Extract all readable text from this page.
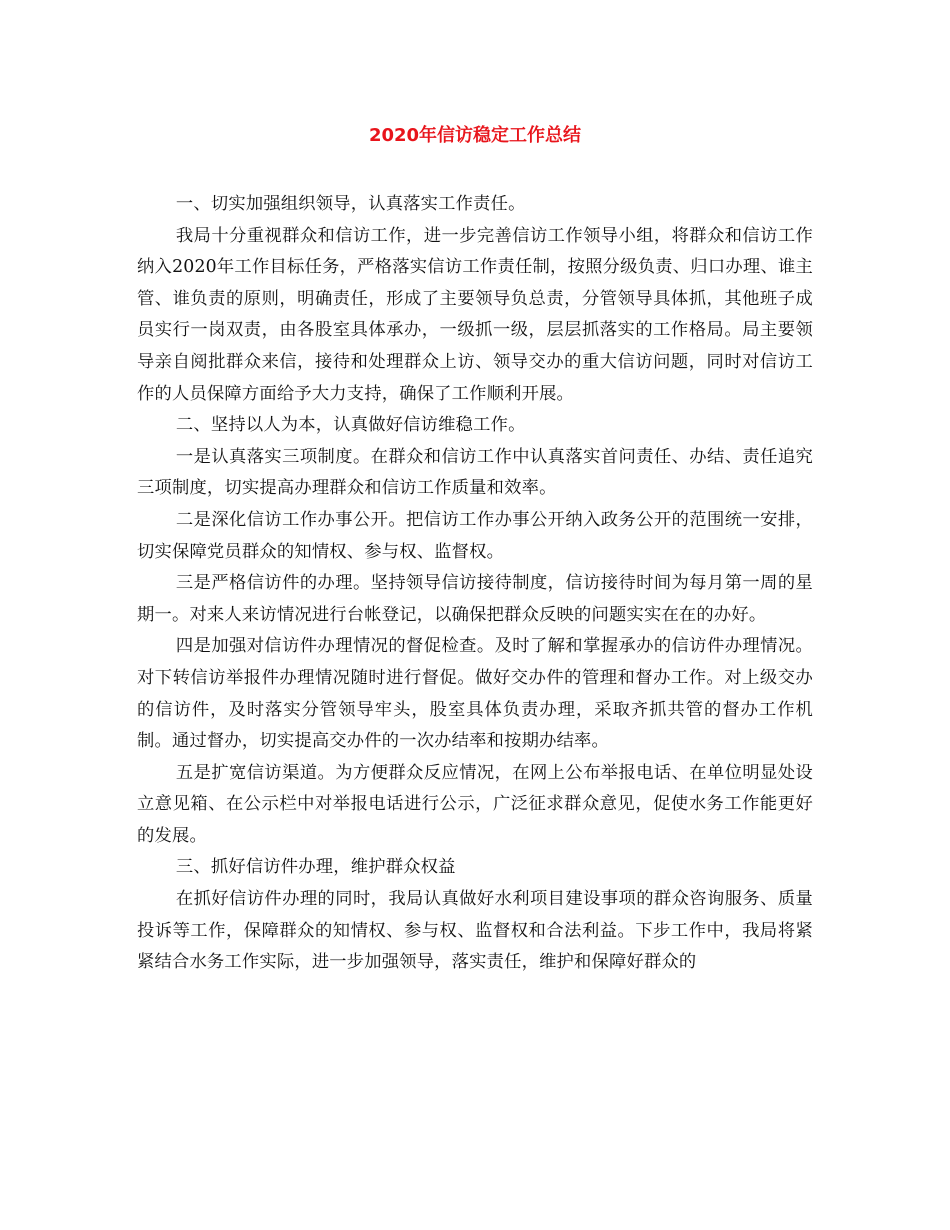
2020年信访稳定工作总结

一、切实加强组织领导，认真落实工作责任。

我局十分重视群众和信访工作，进一步完善信访工作领导小组，将群众和信访工作纳入2020年工作目标任务，严格落实信访工作责任制，按照分级负责、归口办理、谁主管、谁负责的原则，明确责任，形成了主要领导负总责，分管领导具体抓，其他班子成员实行一岗双责，由各股室具体承办，一级抓一级，层层抓落实的工作格局。局主要领导亲自阅批群众来信，接待和处理群众上访、领导交办的重大信访问题，同时对信访工作的人员保障方面给予大力支持，确保了工作顺利开展。

二、坚持以人为本，认真做好信访维稳工作。

一是认真落实三项制度。在群众和信访工作中认真落实首问责任、办结、责任追究三项制度，切实提高办理群众和信访工作质量和效率。

二是深化信访工作办事公开。把信访工作办事公开纳入政务公开的范围统一安排，切实保障党员群众的知情权、参与权、监督权。

三是严格信访件的办理。坚持领导信访接待制度，信访接待时间为每月第一周的星期一。对来人来访情况进行台帐登记，以确保把群众反映的问题实实在在的办好。

四是加强对信访件办理情况的督促检查。及时了解和掌握承办的信访件办理情况。对下转信访举报件办理情况随时进行督促。做好交办件的管理和督办工作。对上级交办的信访件，及时落实分管领导牢头，股室具体负责办理，采取齐抓共管的督办工作机制。通过督办，切实提高交办件的一次办结率和按期办结率。

五是扩宽信访渠道。为方便群众反应情况，在网上公布举报电话、在单位明显处设立意见箱、在公示栏中对举报电话进行公示，广泛征求群众意见，促使水务工作能更好的发展。

三、抓好信访件办理，维护群众权益

在抓好信访件办理的同时，我局认真做好水利项目建设事项的群众咨询服务、质量投诉等工作，保障群众的知情权、参与权、监督权和合法利益。下步工作中，我局将紧紧结合水务工作实际，进一步加强领导，落实责任，维护和保障好群众的
